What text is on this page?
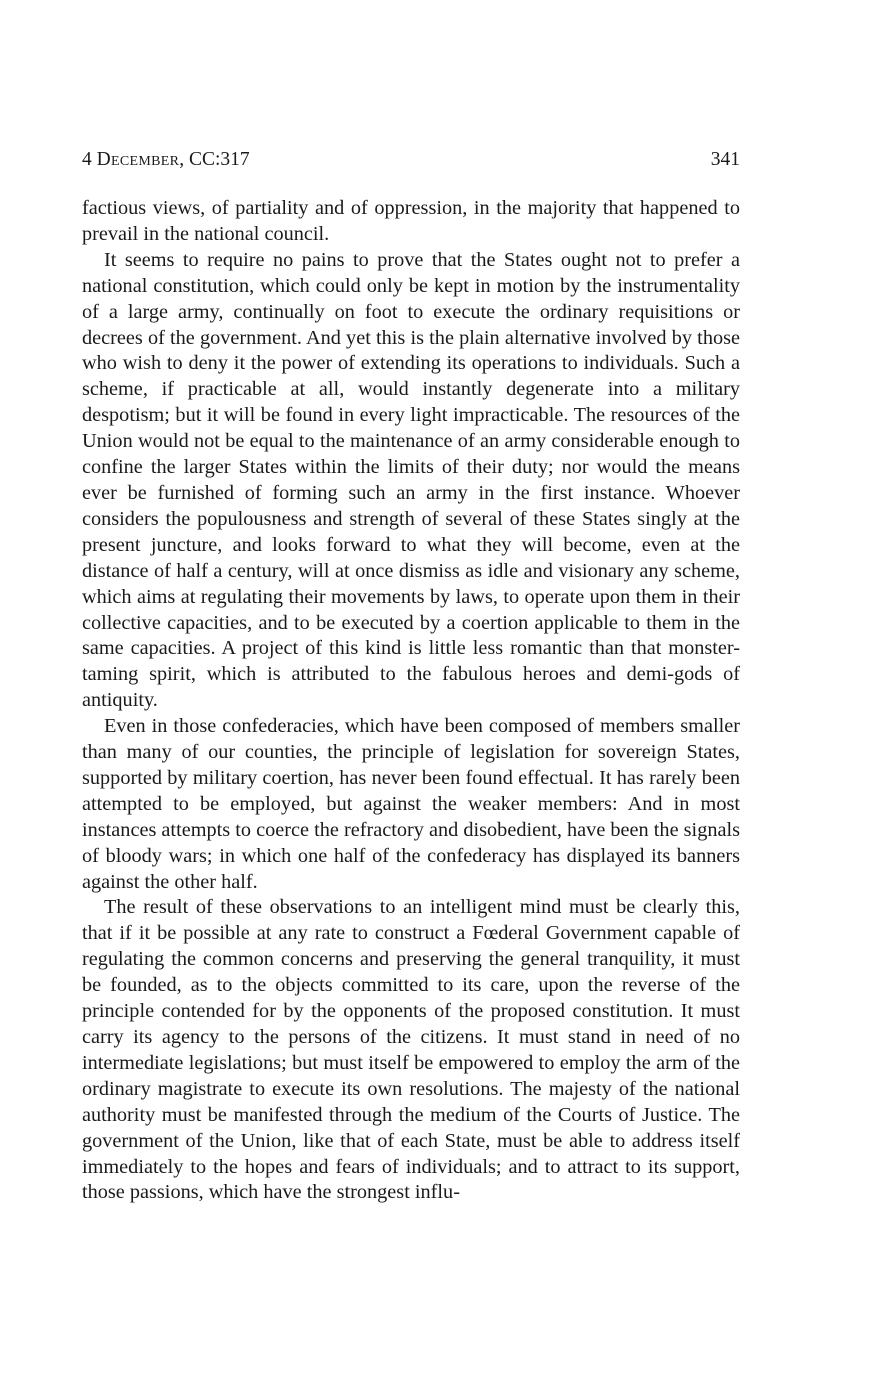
4 December, CC:317	341

factious views, of partiality and of oppression, in the majority that happened to prevail in the national council.

It seems to require no pains to prove that the States ought not to prefer a national constitution, which could only be kept in motion by the instrumentality of a large army, continually on foot to execute the ordinary requisitions or decrees of the government. And yet this is the plain alternative involved by those who wish to deny it the power of extending its operations to individuals. Such a scheme, if practicable at all, would instantly degenerate into a military despotism; but it will be found in every light impracticable. The resources of the Union would not be equal to the maintenance of an army considerable enough to confine the larger States within the limits of their duty; nor would the means ever be furnished of forming such an army in the first instance. Whoever considers the populousness and strength of several of these States singly at the present juncture, and looks forward to what they will become, even at the distance of half a century, will at once dismiss as idle and visionary any scheme, which aims at regulating their movements by laws, to operate upon them in their collective capacities, and to be executed by a coertion applicable to them in the same capacities. A project of this kind is little less romantic than that monster-taming spirit, which is attributed to the fabulous heroes and demi-gods of antiquity.

Even in those confederacies, which have been composed of members smaller than many of our counties, the principle of legislation for sovereign States, supported by military coertion, has never been found effectual. It has rarely been attempted to be employed, but against the weaker members: And in most instances attempts to coerce the refractory and disobedient, have been the signals of bloody wars; in which one half of the confederacy has displayed its banners against the other half.

The result of these observations to an intelligent mind must be clearly this, that if it be possible at any rate to construct a Fœderal Government capable of regulating the common concerns and preserving the general tranquility, it must be founded, as to the objects committed to its care, upon the reverse of the principle contended for by the opponents of the proposed constitution. It must carry its agency to the persons of the citizens. It must stand in need of no intermediate legislations; but must itself be empowered to employ the arm of the ordinary magistrate to execute its own resolutions. The majesty of the national authority must be manifested through the medium of the Courts of Justice. The government of the Union, like that of each State, must be able to address itself immediately to the hopes and fears of individuals; and to attract to its support, those passions, which have the strongest influ-
